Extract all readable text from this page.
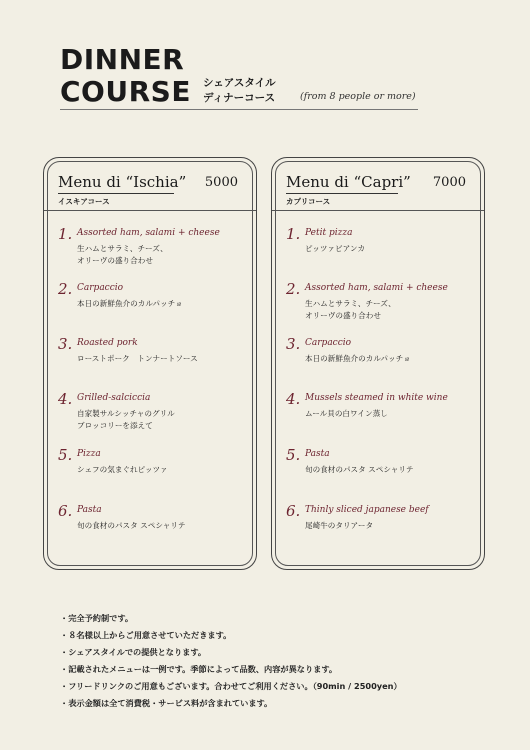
DINNER
COURSE シェアスタイル
ディナーコース	(from 8 people or more)
Menu di “Ischia” 5000
イスキアコース
1. Assorted ham, salami + cheese
生ハムとサラミ、チーズ、
オリーヴの盛り合わせ
2. Carpaccio
本日の新鮮魚介のカルパッチョ
3. Roasted pork
ローストポーク　トンナートソース
4. Grilled-salciccia
自家製サルシッチャのグリル
ブロッコリーを添えて
5. Pizza
シェフの気まぐれピッツァ
6. Pasta
旬の食材のパスタ スペシャリテ
Menu di “Capri” 7000
カプリコース
1. Petit pizza
ピッツァビアンカ
2. Assorted ham, salami + cheese
生ハムとサラミ、チーズ、
オリーヴの盛り合わせ
3. Carpaccio
本日の新鮮魚介のカルパッチョ
4. Mussels steamed in white wine
ムール貝の白ワイン蒸し
5. Pasta
旬の食材のパスタ スペシャリテ
6. Thinly sliced japanese beef
尾崎牛のタリアータ
・完全予約制です。
・８名様以上からご用意させていただきます。
・シェアスタイルでの提供となります。
・記載されたメニューは一例です。季節によって品数、内容が異なります。
・フリードリンクのご用意もございます。合わせてご利用ください。（90min / 2500yen）
・表示金額は全て消費税・サービス料が含まれています。
